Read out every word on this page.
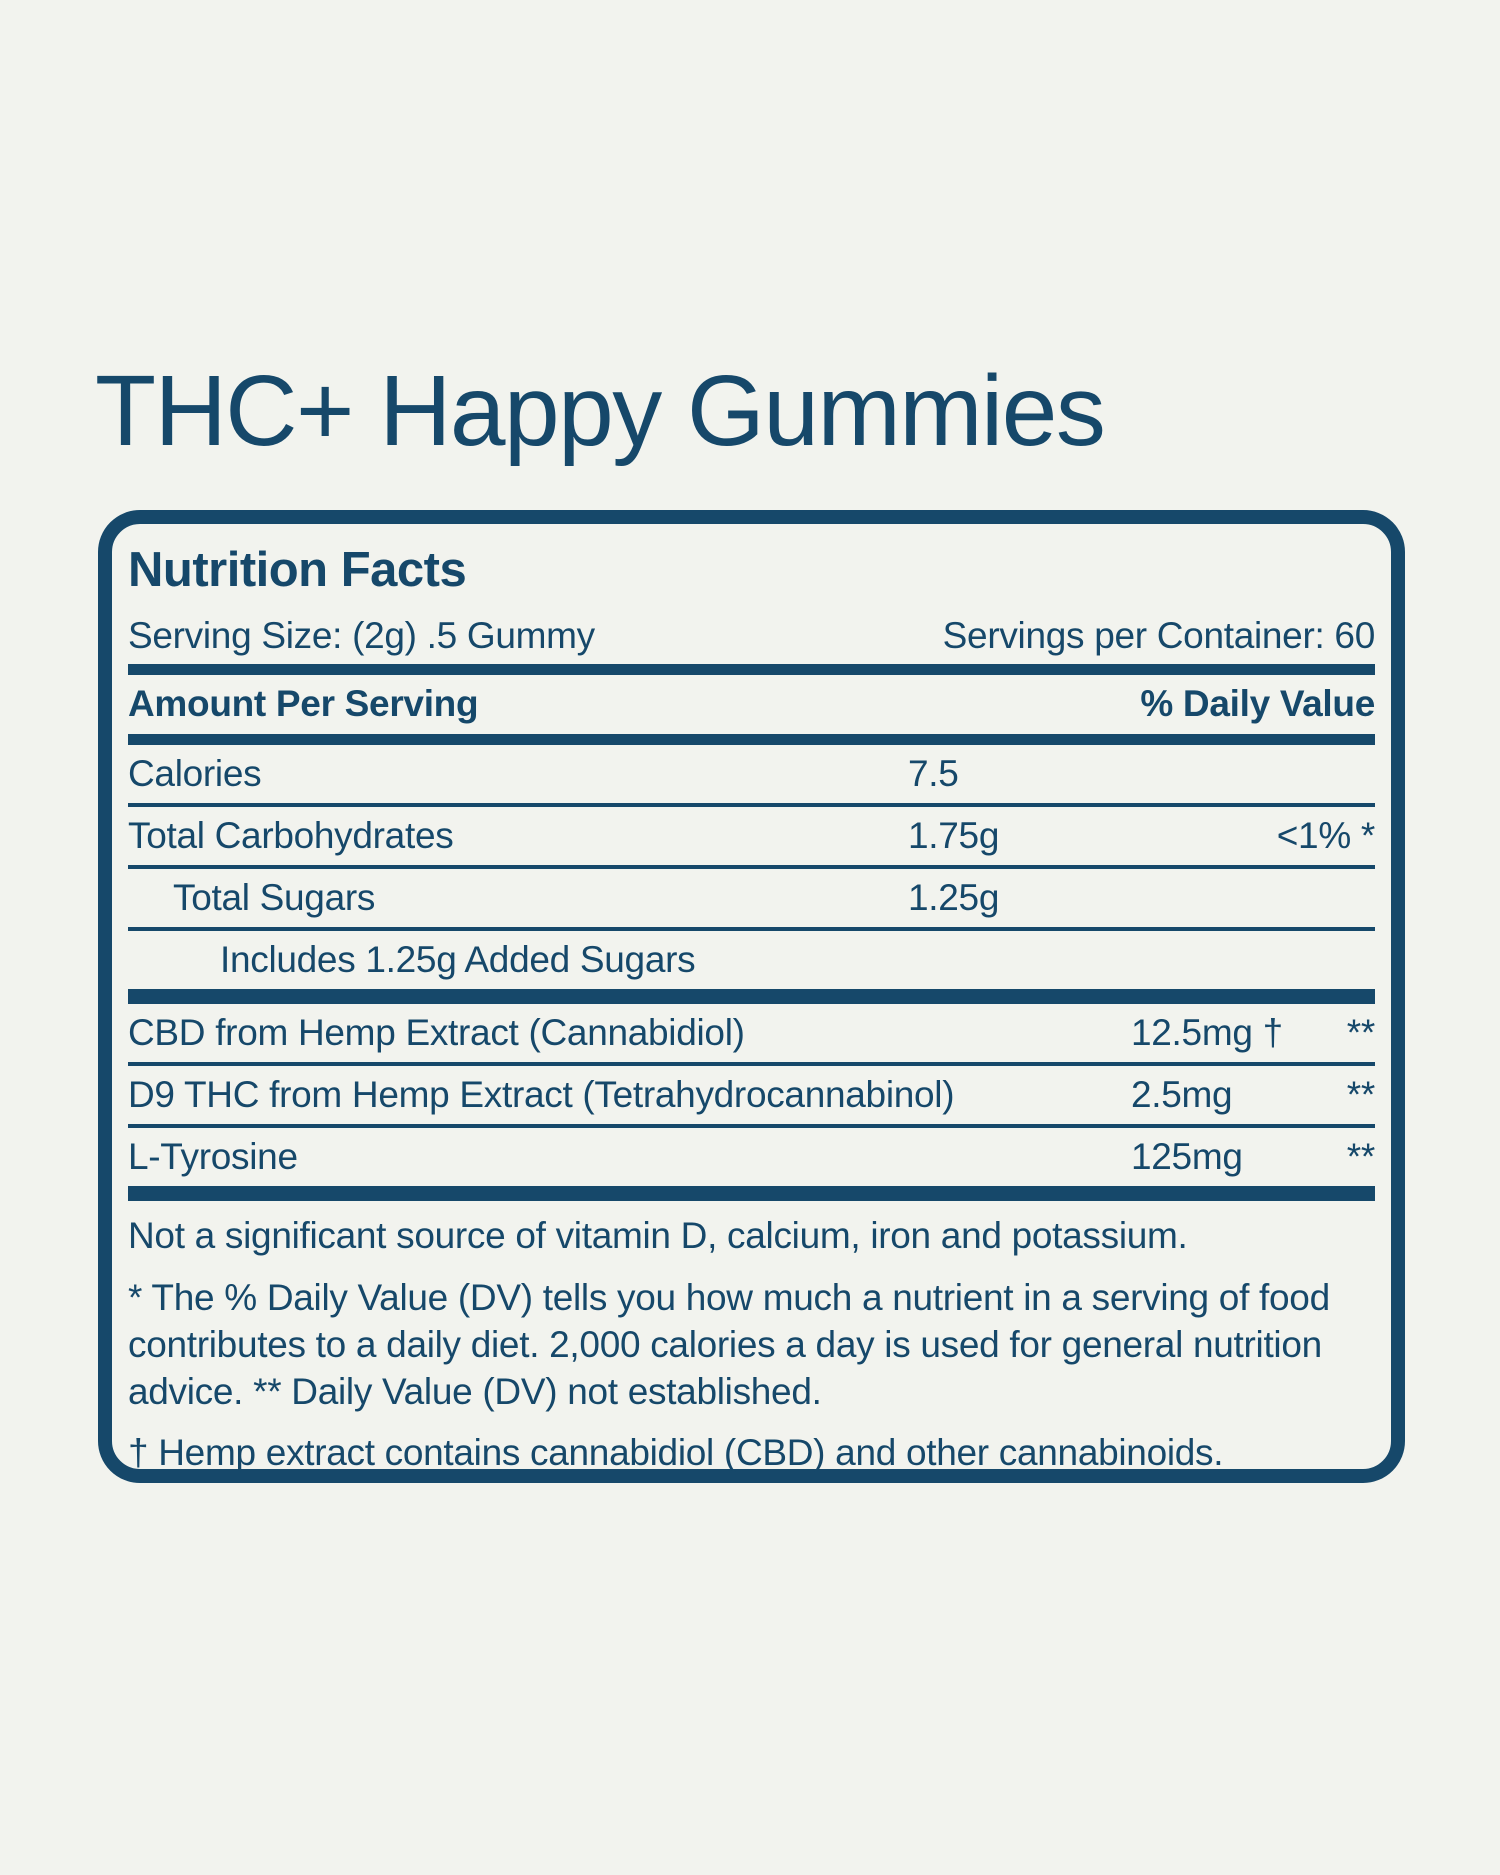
THC+ Happy Gummies
Nutrition Facts
Serving Size: (2g) .5 Gummy	Servings per Container: 60
Amount Per Serving	% Daily Value
Calories	7.5
Total Carbohydrates	1.75g	<1% *
Total Sugars	1.25g
Includes 1.25g Added Sugars
CBD from Hemp Extract (Cannabidiol)	12.5mg † **
D9 THC from Hemp Extract (Tetrahydrocannabinol)	2.5mg	**
L-Tyrosine	125mg	**

Not a significant source of vitamin D, calcium, iron and potassium.

* The % Daily Value (DV) tells you how much a nutrient in a serving of food contributes to a daily diet. 2,000 calories a day is used for general nutrition advice. ** Daily Value (DV) not established.

† Hemp extract contains cannabidiol (CBD) and other cannabinoids.
